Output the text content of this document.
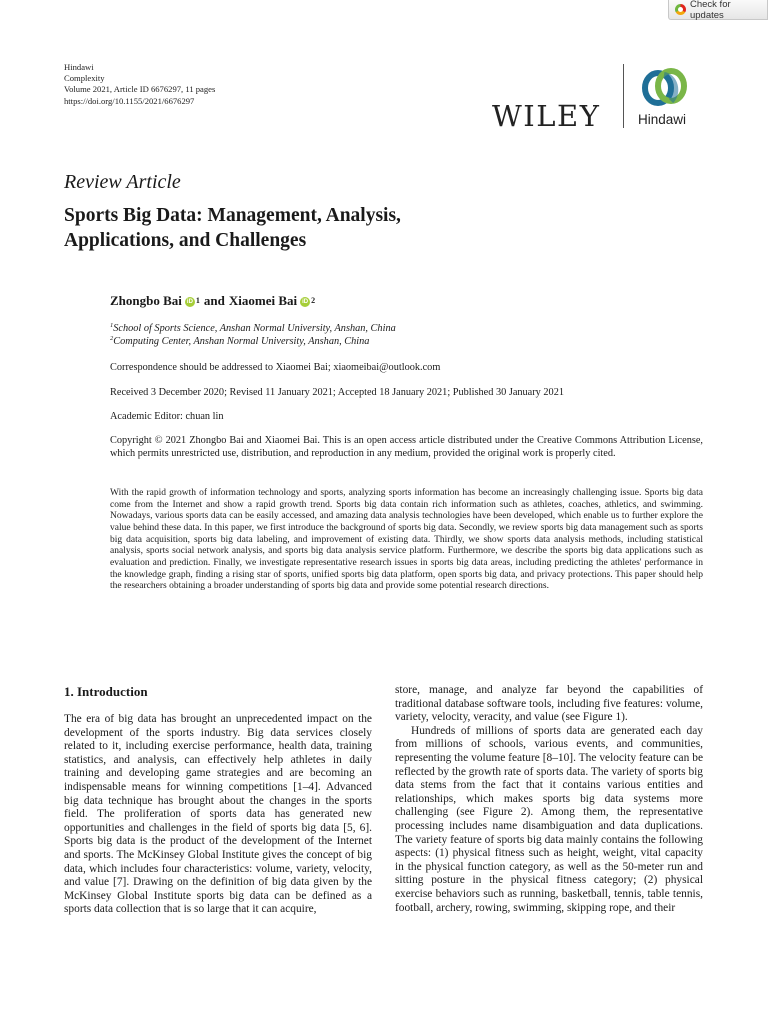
Check for updates
Hindawi
Complexity
Volume 2021, Article ID 6676297, 11 pages
https://doi.org/10.1155/2021/6676297	WILEY	Hindawi
Review Article
Sports Big Data: Management, Analysis, Applications, and Challenges
Zhongbo Bai iD 1 and Xiaomei Bai iD 2
$^1$School of Sports Science, Anshan Normal University, Anshan, China
$^2$Computing Center, Anshan Normal University, Anshan, China
Correspondence should be addressed to Xiaomei Bai; xiaomeibai@outlook.com
Received 3 December 2020; Revised 11 January 2021; Accepted 18 January 2021; Published 30 January 2021
Academic Editor: chuan lin
Copyright © 2021 Zhongbo Bai and Xiaomei Bai. This is an open access article distributed under the Creative Commons Attribution License, which permits unrestricted use, distribution, and reproduction in any medium, provided the original work is properly cited.
With the rapid growth of information technology and sports, analyzing sports information has become an increasingly challenging issue. Sports big data come from the Internet and show a rapid growth trend. Sports big data contain rich information such as athletes, coaches, athletics, and swimming. Nowadays, various sports data can be easily accessed, and amazing data analysis technologies have been developed, which enable us to further explore the value behind these data. In this paper, we first introduce the background of sports big data. Secondly, we review sports big data management such as sports big data acquisition, sports big data labeling, and improvement of existing data. Thirdly, we show sports data analysis methods, including statistical analysis, sports social network analysis, and sports big data analysis service platform. Furthermore, we describe the sports big data applications such as evaluation and prediction. Finally, we investigate representative research issues in sports big data areas, including predicting the athletes' performance in the knowledge graph, finding a rising star of sports, unified sports big data platform, open sports big data, and privacy protections. This paper should help the researchers obtaining a broader understanding of sports big data and provide some potential research directions.
1. Introduction

The era of big data has brought an unprecedented impact on the development of the sports industry. Big data services closely related to it, including exercise performance, health data, training statistics, and analysis, can effectively help athletes in daily training and developing game strategies and are becoming an indispensable means for winning competitions [1–4]. Advanced big data technique has brought about the changes in the sports field. The proliferation of sports data has generated new opportunities and challenges in the field of sports big data [5, 6]. Sports big data is the product of the development of the Internet and sports. The McKinsey Global Institute gives the concept of big data, which includes four characteristics: volume, variety, velocity, and value [7]. Drawing on the definition of big data given by the McKinsey Global Institute sports big data can be defined as a sports data collection that is so large that it can acquire,

store, manage, and analyze far beyond the capabilities of traditional database software tools, including five features: volume, variety, velocity, veracity, and value (see Figure 1).

Hundreds of millions of sports data are generated each day from millions of schools, various events, and communities, representing the volume feature [8–10]. The velocity feature can be reflected by the growth rate of sports data. The variety of sports big data stems from the fact that it contains various entities and relationships, which makes sports big data systems more challenging (see Figure 2). Among them, the representative processing includes name disambiguation and data duplications. The variety feature of sports big data mainly contains the following aspects: (1) physical fitness such as height, weight, vital capacity in the physical function category, as well as the 50-meter run and sitting posture in the physical fitness category; (2) physical exercise behaviors such as running, basketball, tennis, table tennis, football, archery, rowing, swimming, skipping rope, and their
